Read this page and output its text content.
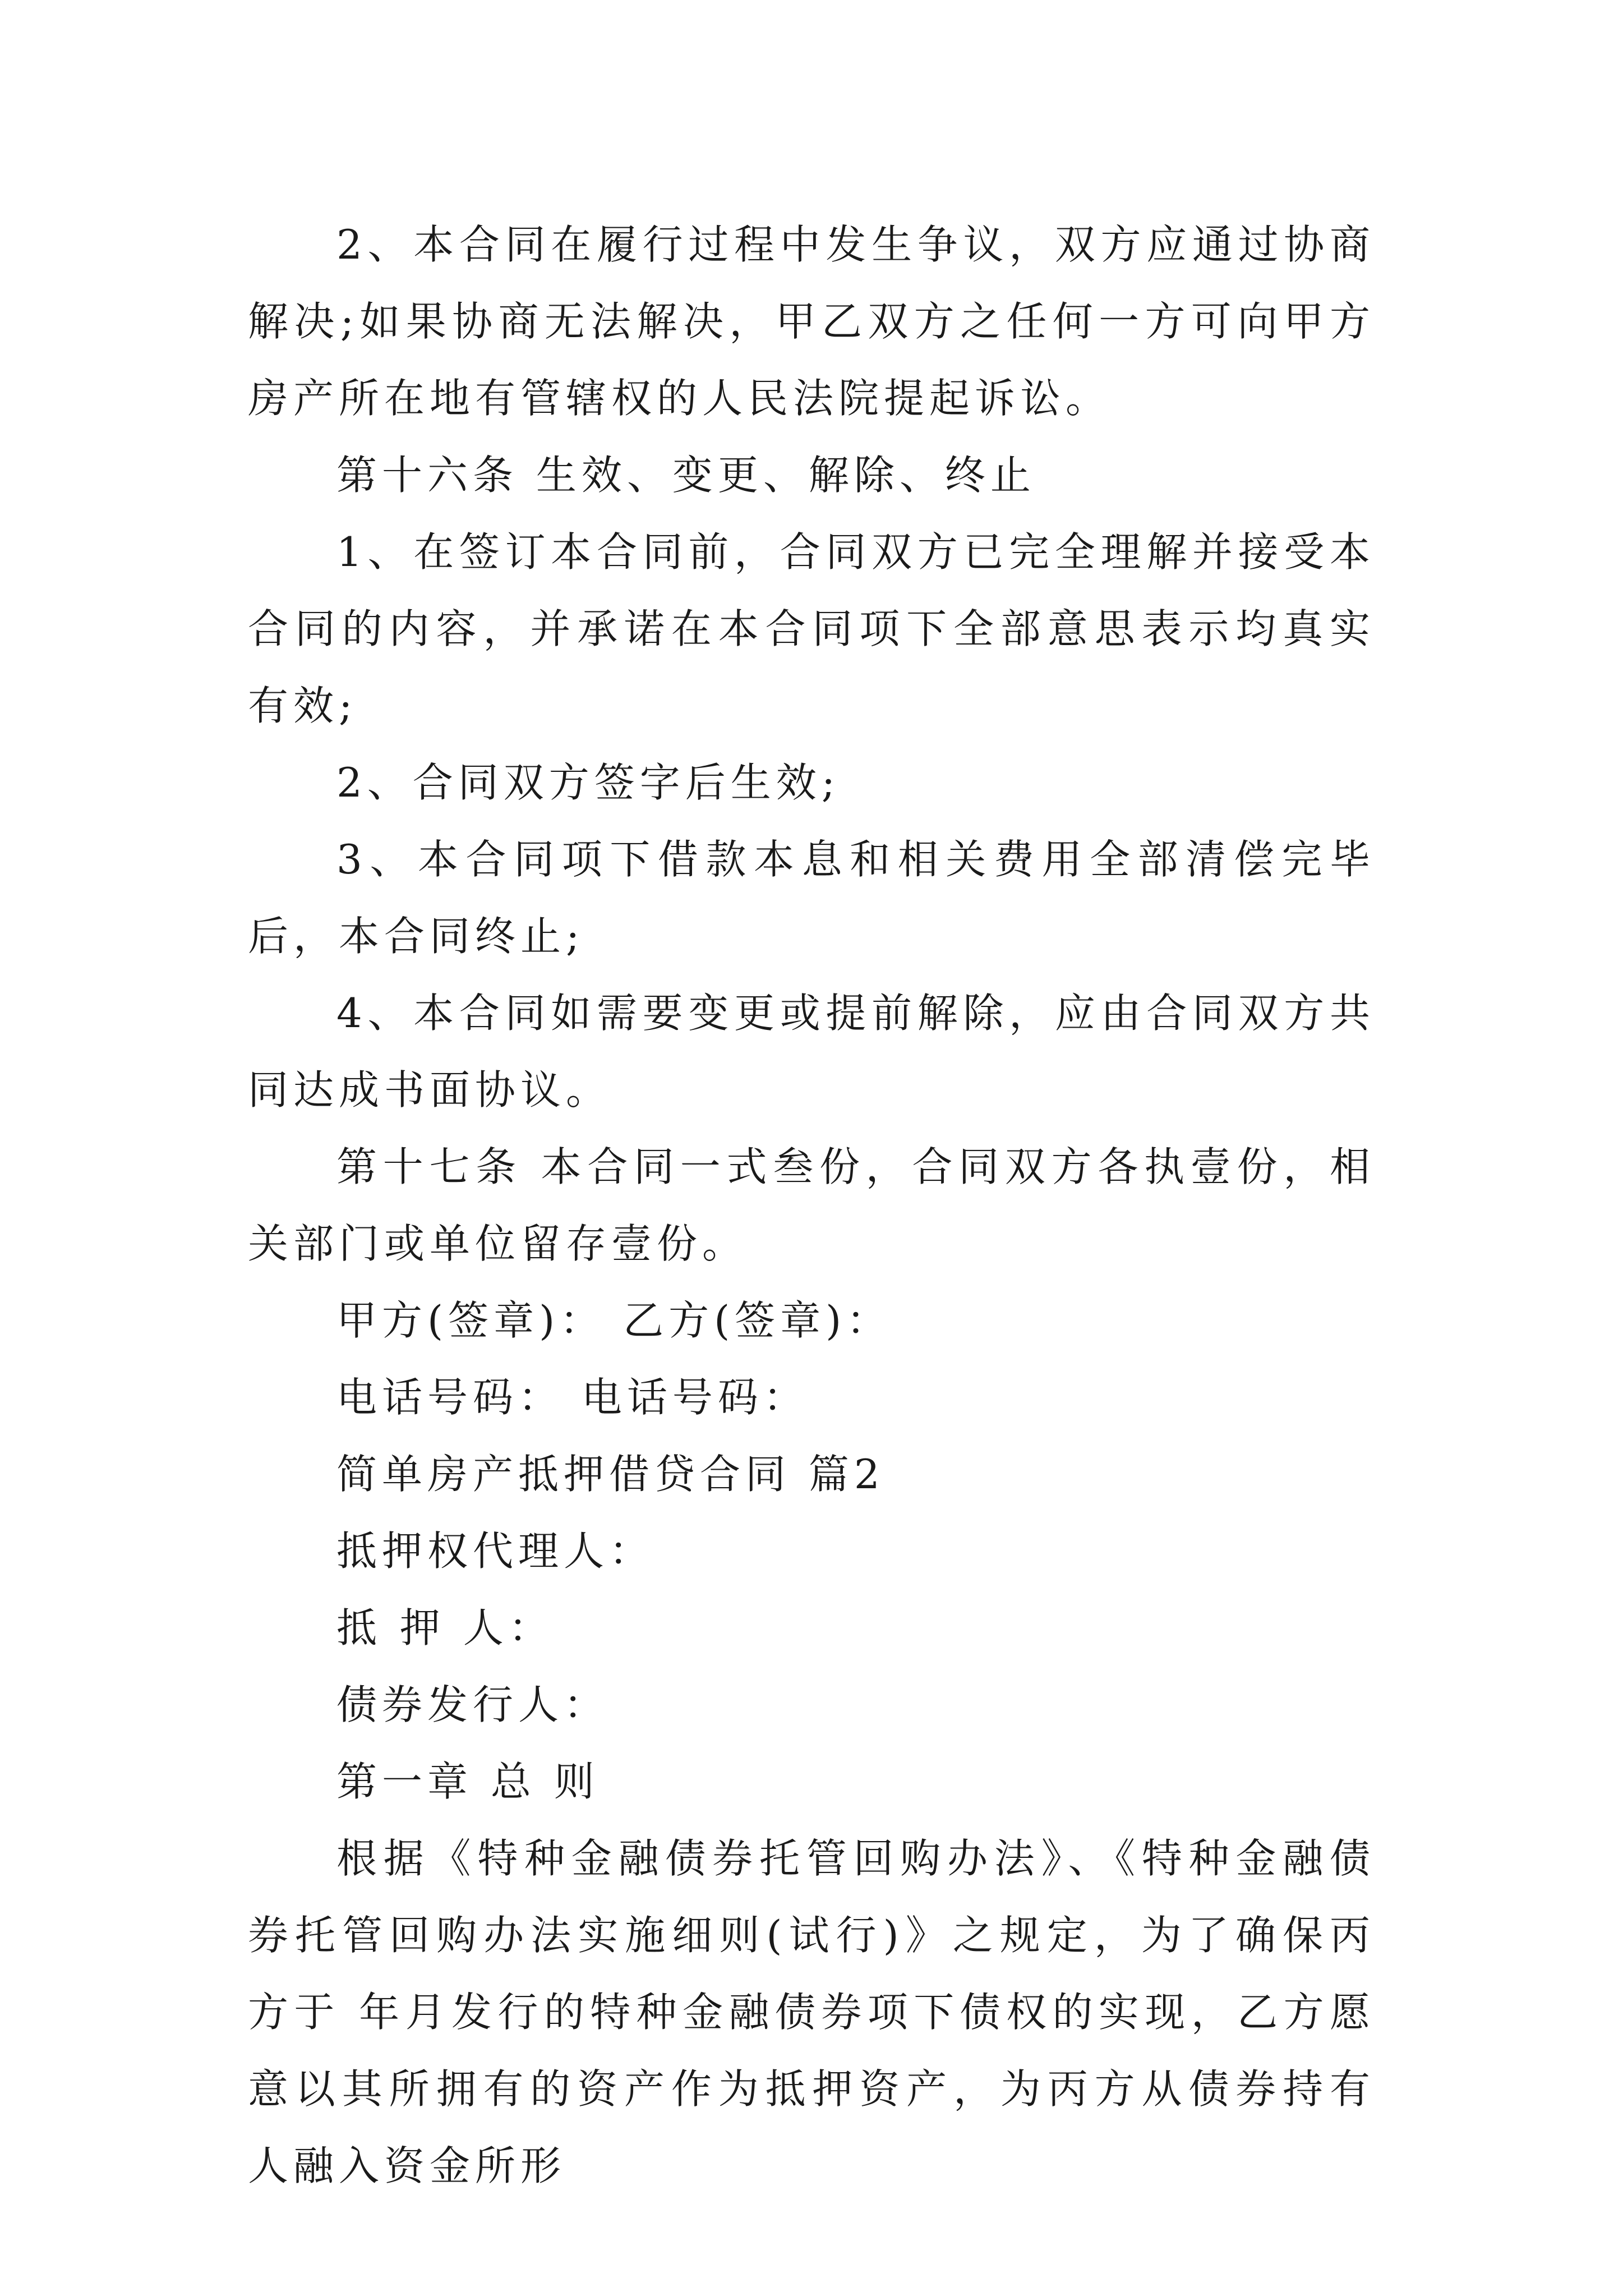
2、本合同在履行过程中发生争议，双方应通过协商解决;如果协商无法解决，甲乙双方之任何一方可向甲方房产所在地有管辖权的人民法院提起诉讼。

第十六条 生效、变更、解除、终止

1、在签订本合同前，合同双方已完全理解并接受本合同的内容，并承诺在本合同项下全部意思表示均真实有效;

2、合同双方签字后生效;

3、本合同项下借款本息和相关费用全部清偿完毕后，本合同终止;

4、本合同如需要变更或提前解除，应由合同双方共同达成书面协议。

第十七条 本合同一式叁份，合同双方各执壹份，相关部门或单位留存壹份。

甲方(签章)： 乙方(签章)：

电话号码： 电话号码：

简单房产抵押借贷合同 篇2

抵押权代理人：

抵 押 人：

债券发行人：

第一章 总 则

根据《特种金融债券托管回购办法》、《特种金融债券托管回购办法实施细则(试行)》之规定，为了确保丙方于 年月发行的特种金融债券项下债权的实现，乙方愿意以其所拥有的资产作为抵押资产，为丙方从债券持有人融入资金所形
